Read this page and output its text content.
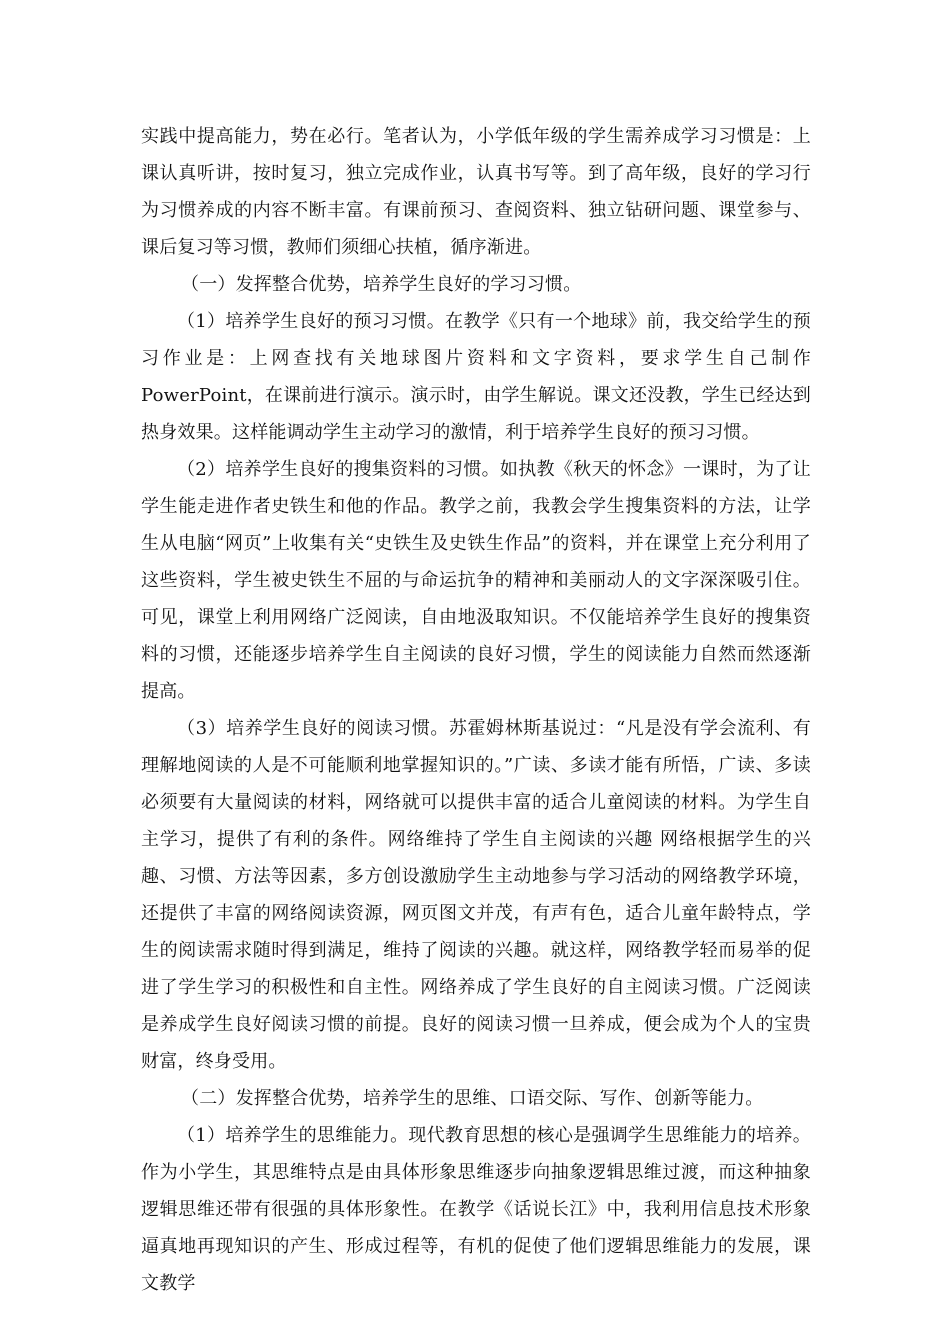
实践中提高能力，势在必行。笔者认为，小学低年级的学生需养成学习习惯是：上课认真听讲，按时复习，独立完成作业，认真书写等。到了高年级，良好的学习行为习惯养成的内容不断丰富。有课前预习、查阅资料、独立钻研问题、课堂参与、课后复习等习惯，教师们须细心扶植，循序渐进。

（一）发挥整合优势，培养学生良好的学习习惯。

（1）培养学生良好的预习习惯。在教学《只有一个地球》前，我交给学生的预习作业是：上网查找有关地球图片资料和文字资料，要求学生自己制作PowerPoint，在课前进行演示。演示时，由学生解说。课文还没教，学生已经达到热身效果。这样能调动学生主动学习的激情，利于培养学生良好的预习习惯。

（2）培养学生良好的搜集资料的习惯。如执教《秋天的怀念》一课时，为了让学生能走进作者史铁生和他的作品。教学之前，我教会学生搜集资料的方法，让学生从电脑“网页”上收集有关“史铁生及史铁生作品”的资料，并在课堂上充分利用了这些资料，学生被史铁生不屈的与命运抗争的精神和美丽动人的文字深深吸引住。可见，课堂上利用网络广泛阅读，自由地汲取知识。不仅能培养学生良好的搜集资料的习惯，还能逐步培养学生自主阅读的良好习惯，学生的阅读能力自然而然逐渐提高。

（3）培养学生良好的阅读习惯。苏霍姆林斯基说过：“凡是没有学会流利、有理解地阅读的人是不可能顺利地掌握知识的。”广读、多读才能有所悟，广读、多读必须要有大量阅读的材料，网络就可以提供丰富的适合儿童阅读的材料。为学生自主学习，提供了有利的条件。网络维持了学生自主阅读的兴趣 网络根据学生的兴趣、习惯、方法等因素，多方创设激励学生主动地参与学习活动的网络教学环境，还提供了丰富的网络阅读资源，网页图文并茂，有声有色，适合儿童年龄特点，学生的阅读需求随时得到满足，维持了阅读的兴趣。就这样，网络教学轻而易举的促进了学生学习的积极性和自主性。网络养成了学生良好的自主阅读习惯。广泛阅读是养成学生良好阅读习惯的前提。良好的阅读习惯一旦养成，便会成为个人的宝贵财富，终身受用。

（二）发挥整合优势，培养学生的思维、口语交际、写作、创新等能力。

（1）培养学生的思维能力。现代教育思想的核心是强调学生思维能力的培养。作为小学生，其思维特点是由具体形象思维逐步向抽象逻辑思维过渡，而这种抽象逻辑思维还带有很强的具体形象性。在教学《话说长江》中，我利用信息技术形象逼真地再现知识的产生、形成过程等，有机的促使了他们逻辑思维能力的发展，课文教学
